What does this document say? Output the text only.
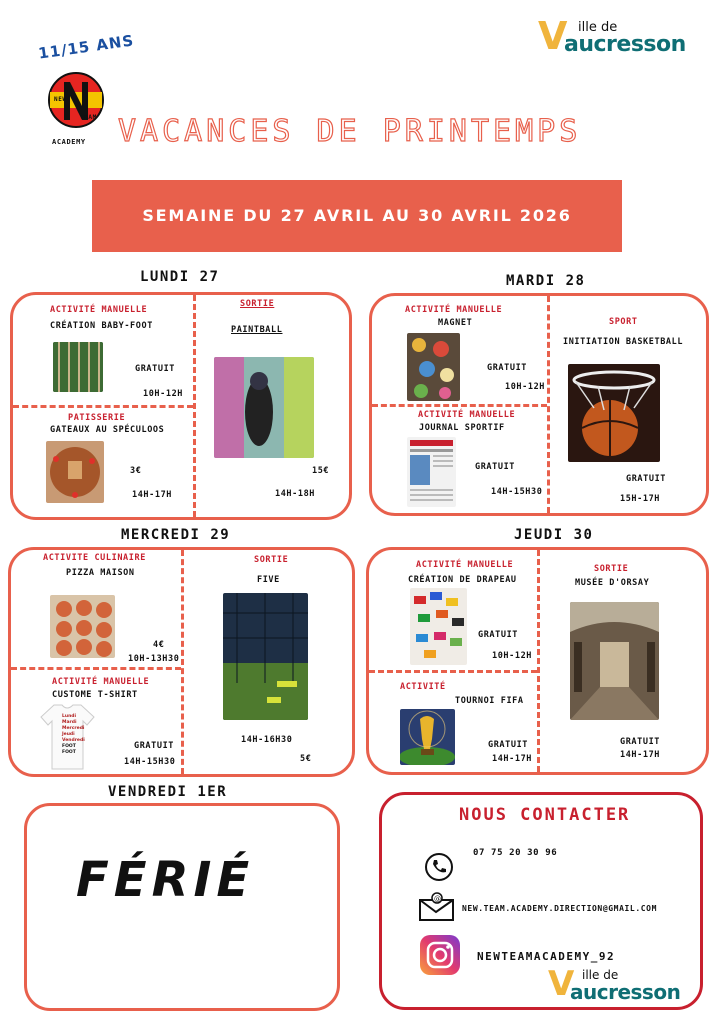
V ille de
aucresson
11/15 ANS
NEW
TEAM
ACADEMY VACANCES DE PRINTEMPS
SEMAINE DU 27 AVRIL AU 30 AVRIL 2026
LUNDI 27
ACTIVITÉ MANUELLE
CRÉATION BABY-FOOT
GRATUIT
10H-12H
PATISSERIE
GATEAUX AU SPÉCULOOS
3€
14H-17H
SORTIE
PAINTBALL
15€
14H-18H
MARDI 28
ACTIVITÉ MANUELLE
MAGNET
GRATUIT
10H-12H
ACTIVITÉ MANUELLE
JOURNAL SPORTIF
GRATUIT
14H-15H30
SPORT
INITIATION BASKETBALL
GRATUIT
15H-17H
MERCREDI 29
ACTIVITE CULINAIRE
PIZZA MAISON
4€
10H-13H30
ACTIVITÉ MANUELLE
CUSTOME T-SHIRT
Lundi
Mardi
Mercredi
Jeudi
Vendredi
FOOT
FOOT
GRATUIT
14H-15H30
SORTIE
FIVE
14H-16H30
5€
JEUDI 30
ACTIVITÉ MANUELLE
CRÉATION DE DRAPEAU
GRATUIT
10H-12H
ACTIVITÉ
TOURNOI FIFA
GRATUIT
14H-17H
SORTIE
MUSÉE D'ORSAY
GRATUIT
14H-17H
VENDREDI 1ER
FÉRIÉ
NOUS CONTACTER
07 75 20 30 96
@
NEW.TEAM.ACADEMY.DIRECTION@GMAIL.COM
NEWTEAMACADEMY_92
V ille de
aucresson
